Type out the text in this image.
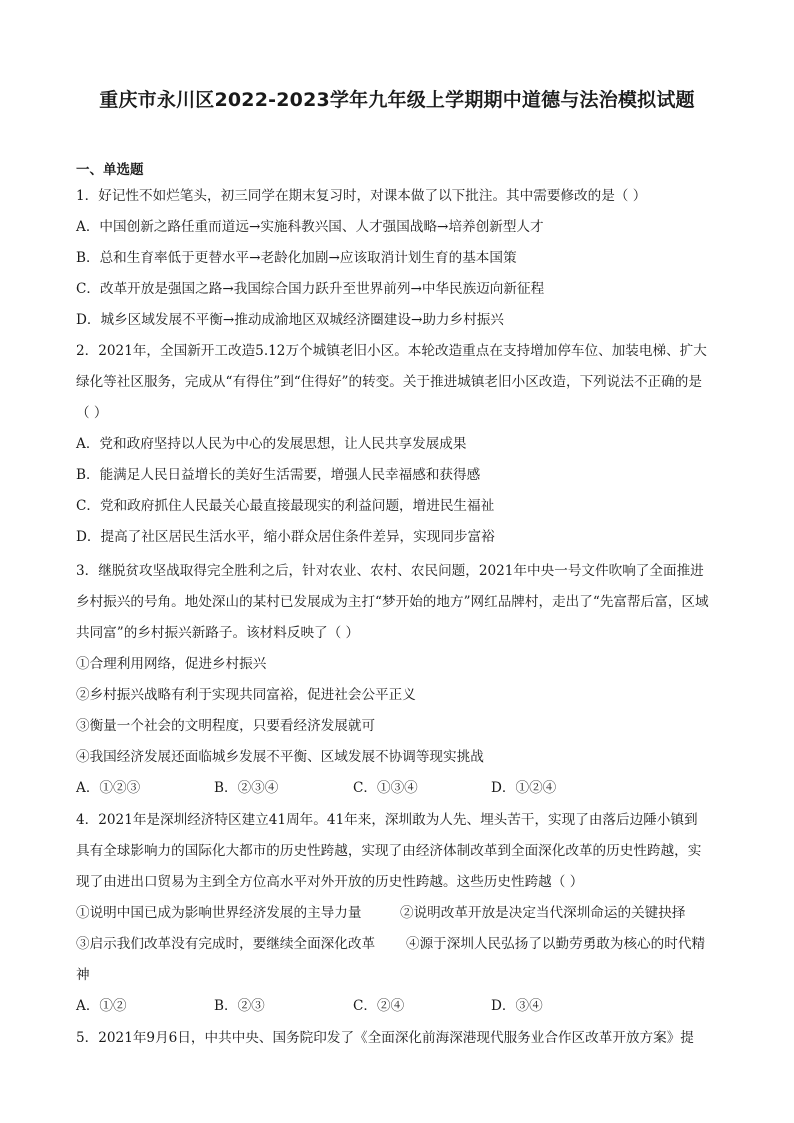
重庆市永川区2022-2023学年九年级上学期期中道德与法治模拟试题
一、单选题
1．好记性不如烂笔头，初三同学在期末复习时，对课本做了以下批注。其中需要修改的是（ ）
A．中国创新之路任重而道远→实施科教兴国、人才强国战略→培养创新型人才
B．总和生育率低于更替水平→老龄化加剧→应该取消计划生育的基本国策
C．改革开放是强国之路→我国综合国力跃升至世界前列→中华民族迈向新征程
D．城乡区域发展不平衡→推动成渝地区双城经济圈建设→助力乡村振兴
2．2021年，全国新开工改造5.12万个城镇老旧小区。本轮改造重点在支持增加停车位、加装电梯、扩大
绿化等社区服务，完成从“有得住”到“住得好”的转变。关于推进城镇老旧小区改造，下列说法不正确的是
（ ）
A．党和政府坚持以人民为中心的发展思想，让人民共享发展成果
B．能满足人民日益增长的美好生活需要，增强人民幸福感和获得感
C．党和政府抓住人民最关心最直接最现实的利益问题，增进民生福祉
D．提高了社区居民生活水平，缩小群众居住条件差异，实现同步富裕
3．继脱贫攻坚战取得完全胜利之后，针对农业、农村、农民问题，2021年中央一号文件吹响了全面推进
乡村振兴的号角。地处深山的某村已发展成为主打“梦开始的地方”网红品牌村，走出了“先富帮后富，区域
共同富”的乡村振兴新路子。该材料反映了（ ）
①合理利用网络，促进乡村振兴
②乡村振兴战略有利于实现共同富裕，促进社会公平正义
③衡量一个社会的文明程度，只要看经济发展就可
④我国经济发展还面临城乡发展不平衡、区域发展不协调等现实挑战
A．①②③	B．②③④	C．①③④	D．①②④
4．2021年是深圳经济特区建立41周年。41年来，深圳敢为人先、埋头苦干，实现了由落后边陲小镇到
具有全球影响力的国际化大都市的历史性跨越，实现了由经济体制改革到全面深化改革的历史性跨越，实
现了由进出口贸易为主到全方位高水平对外开放的历史性跨越。这些历史性跨越（ ）
①说明中国已成为影响世界经济发展的主导力量	②说明改革开放是决定当代深圳命运的关键抉择
③启示我们改革没有完成时，要继续全面深化改革 ④源于深圳人民弘扬了以勤劳勇敢为核心的时代精
神
A．①②	B．②③	C．②④	D．③④
5．2021年9月6日，中共中央、国务院印发了《全面深化前海深港现代服务业合作区改革开放方案》提
